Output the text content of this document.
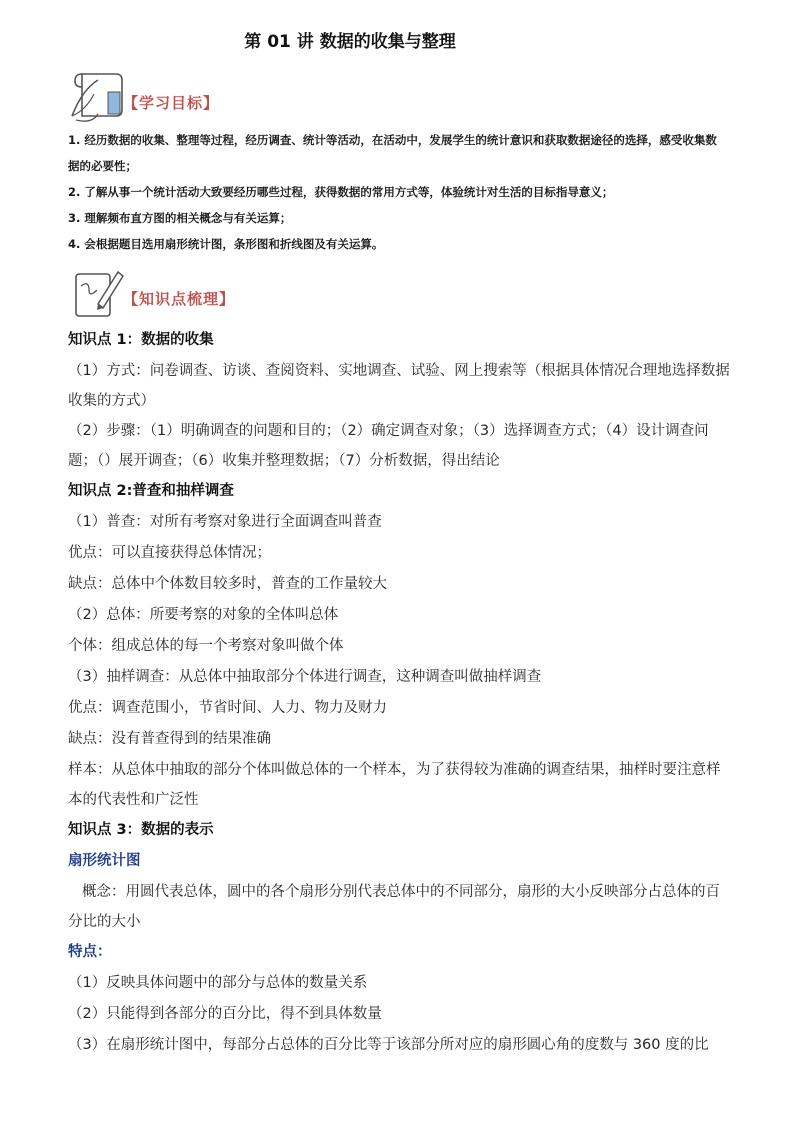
第 01 讲 数据的收集与整理
【学习目标】

1. 经历数据的收集、整理等过程，经历调查、统计等活动，在活动中，发展学生的统计意识和获取数据途径的选择，感受收集数据的必要性；

2. 了解从事一个统计活动大致要经历哪些过程，获得数据的常用方式等，体验统计对生活的目标指导意义；

3. 理解频布直方图的相关概念与有关运算；

4. 会根据题目选用扇形统计图，条形图和折线图及有关运算。

【知识点梳理】

知识点 1：数据的收集

（1）方式：问卷调查、访谈、查阅资料、实地调查、试验、网上搜索等（根据具体情况合理地选择数据收集的方式）

（2）步骤：（1）明确调查的问题和目的；（2）确定调查对象；（3）选择调查方式；（4）设计调查问题；（）展开调查；（6）收集并整理数据；（7）分析数据，得出结论

知识点 2:普查和抽样调查

（1）普查：对所有考察对象进行全面调查叫普查

优点：可以直接获得总体情况；

缺点：总体中个体数目较多时，普查的工作量较大

（2）总体：所要考察的对象的全体叫总体

个体：组成总体的每一个考察对象叫做个体

（3）抽样调查：从总体中抽取部分个体进行调查，这种调查叫做抽样调查

优点：调查范围小，节省时间、人力、物力及财力

缺点：没有普查得到的结果准确

样本：从总体中抽取的部分个体叫做总体的一个样本，为了获得较为准确的调查结果，抽样时要注意样本的代表性和广泛性

知识点 3：数据的表示

扇形统计图

概念：用圆代表总体，圆中的各个扇形分别代表总体中的不同部分，扇形的大小反映部分占总体的百分比的大小

特点：

（1）反映具体问题中的部分与总体的数量关系

（2）只能得到各部分的百分比，得不到具体数量

（3）在扇形统计图中，每部分占总体的百分比等于该部分所对应的扇形圆心角的度数与 360 度的比
